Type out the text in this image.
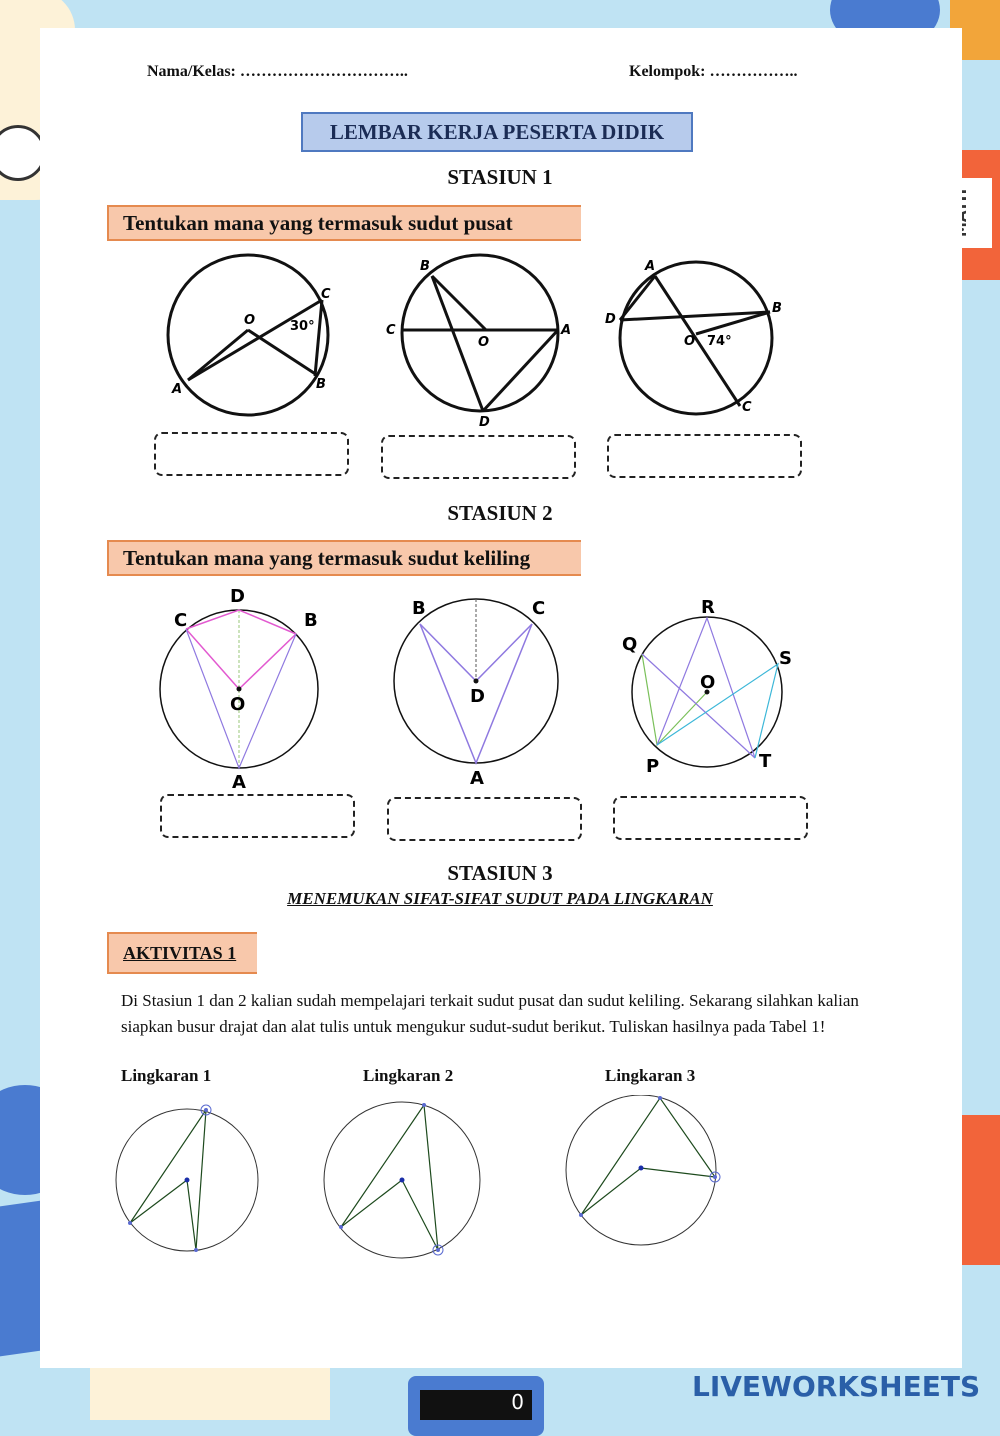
0
Nama/Kelas: …………………………..	Kelompok: ……………..
LEMBAR KERJA PESERTA DIDIK
STASIUN 1
Tentukan mana yang termasuk sudut pusat
O
C
A	B
30°
B
C
O
A
D
A
D
B
O
C
74°
STASIUN 2
Tentukan mana yang termasuk sudut keliling
D
C	B
O
A
B	C
D
A
R
Q
S
O
P	T
STASIUN 3
MENEMUKAN SIFAT-SIFAT SUDUT PADA LINGKARAN
AKTIVITAS 1
Di Stasiun 1 dan 2 kalian sudah mempelajari terkait sudut pusat dan sudut keliling. Sekarang silahkan kalian siapkan busur drajat dan alat tulis untuk mengukur sudut-sudut berikut. Tuliskan hasilnya pada Tabel 1!
Lingkaran 1	Lingkaran 2	Lingkaran 3
LIVEWORKSHEETS
